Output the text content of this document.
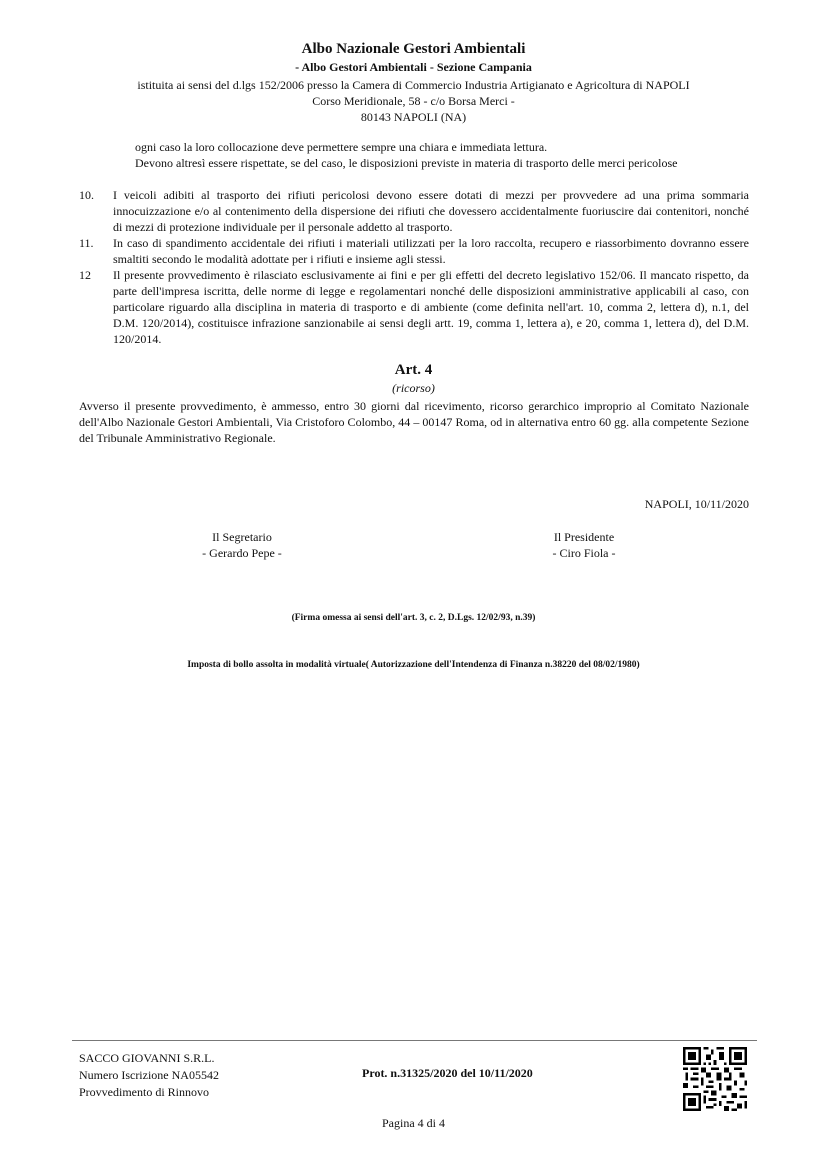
Albo Nazionale Gestori Ambientali
- Albo Gestori Ambientali - Sezione Campania
istituita ai sensi del d.lgs 152/2006 presso la Camera di Commercio Industria Artigianato e Agricoltura di NAPOLI
Corso Meridionale, 58 - c/o Borsa Merci -
80143 NAPOLI (NA)
ogni caso la loro collocazione deve permettere sempre una chiara e immediata lettura.
Devono altresì essere rispettate, se del caso, le disposizioni previste in materia di trasporto delle merci pericolose
10. I veicoli adibiti al trasporto dei rifiuti pericolosi devono essere dotati di mezzi per provvedere ad una prima sommaria innocuizzazione e/o al contenimento della dispersione dei rifiuti che dovessero accidentalmente fuoriuscire dai contenitori, nonché di mezzi di protezione individuale per il personale addetto al trasporto.
11. In caso di spandimento accidentale dei rifiuti i materiali utilizzati per la loro raccolta, recupero e riassorbimento dovranno essere smaltiti secondo le modalità adottate per i rifiuti e insieme agli stessi.
12 Il presente provvedimento è rilasciato esclusivamente ai fini e per gli effetti del decreto legislativo 152/06. Il mancato rispetto, da parte dell'impresa iscritta, delle norme di legge e regolamentari nonché delle disposizioni amministrative applicabili al caso, con particolare riguardo alla disciplina in materia di trasporto e di ambiente (come definita nell'art. 10, comma 2, lettera d), n.1, del D.M. 120/2014), costituisce infrazione sanzionabile ai sensi degli artt. 19, comma 1, lettera a), e 20, comma 1, lettera d), del D.M. 120/2014.
Art. 4
(ricorso)
Avverso il presente provvedimento, è ammesso, entro 30 giorni dal ricevimento, ricorso gerarchico improprio al Comitato Nazionale dell'Albo Nazionale Gestori Ambientali, Via Cristoforo Colombo, 44 – 00147 Roma, od in alternativa entro 60 gg. alla competente Sezione del Tribunale Amministrativo Regionale.
NAPOLI, 10/11/2020
Il Segretario
- Gerardo Pepe -
Il Presidente
- Ciro Fiola -
(Firma omessa ai sensi dell'art. 3, c. 2, D.Lgs. 12/02/93, n.39)
Imposta di bollo assolta in modalità virtuale( Autorizzazione dell'Intendenza di Finanza n.38220 del 08/02/1980)
SACCO GIOVANNI S.R.L.
Numero Iscrizione NA05542
Provvedimento di Rinnovo
Prot. n.31325/2020 del 10/11/2020
Pagina 4 di 4
